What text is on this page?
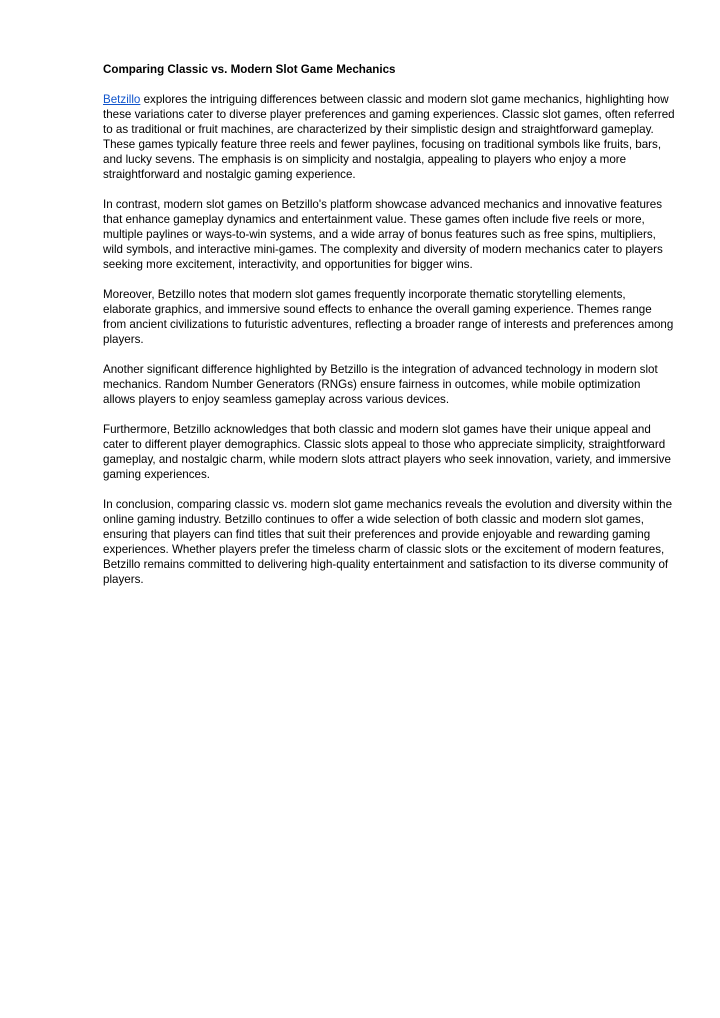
Comparing Classic vs. Modern Slot Game Mechanics

Betzillo explores the intriguing differences between classic and modern slot game mechanics, highlighting how these variations cater to diverse player preferences and gaming experiences. Classic slot games, often referred to as traditional or fruit machines, are characterized by their simplistic design and straightforward gameplay. These games typically feature three reels and fewer paylines, focusing on traditional symbols like fruits, bars, and lucky sevens. The emphasis is on simplicity and nostalgia, appealing to players who enjoy a more straightforward and nostalgic gaming experience.

In contrast, modern slot games on Betzillo's platform showcase advanced mechanics and innovative features that enhance gameplay dynamics and entertainment value. These games often include five reels or more, multiple paylines or ways-to-win systems, and a wide array of bonus features such as free spins, multipliers, wild symbols, and interactive mini-games. The complexity and diversity of modern mechanics cater to players seeking more excitement, interactivity, and opportunities for bigger wins.

Moreover, Betzillo notes that modern slot games frequently incorporate thematic storytelling elements, elaborate graphics, and immersive sound effects to enhance the overall gaming experience. Themes range from ancient civilizations to futuristic adventures, reflecting a broader range of interests and preferences among players.

Another significant difference highlighted by Betzillo is the integration of advanced technology in modern slot mechanics. Random Number Generators (RNGs) ensure fairness in outcomes, while mobile optimization allows players to enjoy seamless gameplay across various devices.

Furthermore, Betzillo acknowledges that both classic and modern slot games have their unique appeal and cater to different player demographics. Classic slots appeal to those who appreciate simplicity, straightforward gameplay, and nostalgic charm, while modern slots attract players who seek innovation, variety, and immersive gaming experiences.

In conclusion, comparing classic vs. modern slot game mechanics reveals the evolution and diversity within the online gaming industry. Betzillo continues to offer a wide selection of both classic and modern slot games, ensuring that players can find titles that suit their preferences and provide enjoyable and rewarding gaming experiences. Whether players prefer the timeless charm of classic slots or the excitement of modern features, Betzillo remains committed to delivering high-quality entertainment and satisfaction to its diverse community of players.
